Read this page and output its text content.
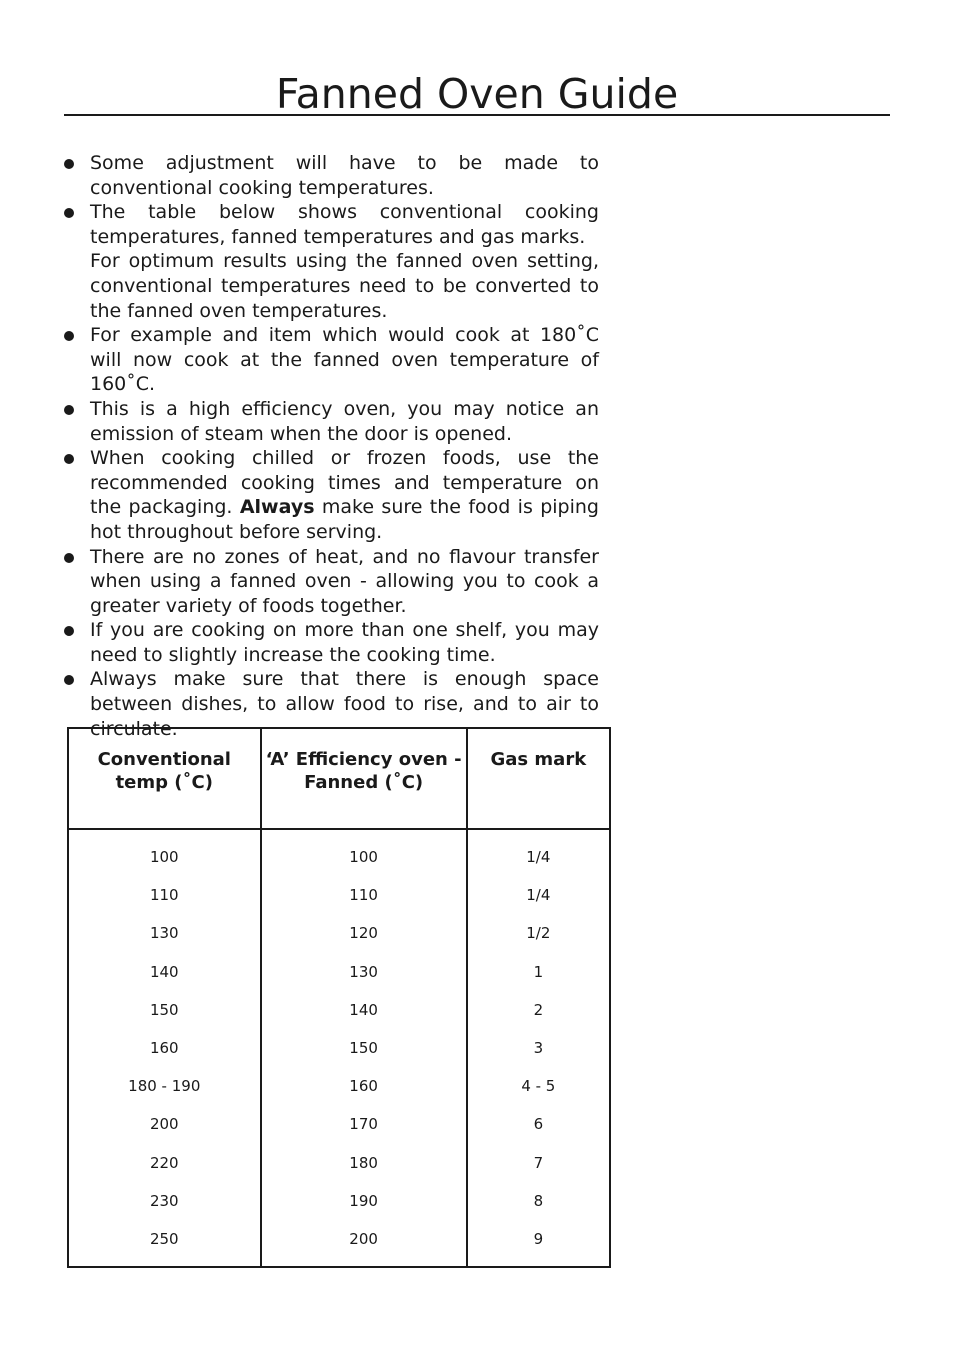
Fanned Oven Guide

Some adjustment will have to be made to conventional cooking temperatures.

The table below shows conventional cooking temperatures, fanned temperatures and gas marks.

For optimum results using the fanned oven setting, conventional temperatures need to be converted to the fanned oven temperatures.

For example and item which would cook at 180˚C will now cook at the fanned oven temperature of 160˚C.

This is a high efficiency oven, you may notice an emission of steam when the door is opened.

When cooking chilled or frozen foods, use the recommended cooking times and temperature on the packaging. Always make sure the food is piping hot throughout before serving.

There are no zones of heat, and no flavour transfer when using a fanned oven - allowing you to cook a greater variety of foods together.

If you are cooking on more than one shelf, you may need to slightly increase the cooking time.

Always make sure that there is enough space between dishes, to allow food to rise, and to air to circulate.

Conventional temp (˚C)	‘A’ Efficiency oven - Fanned (˚C)	Gas mark
100	100	1/4
110	110	1/4
130	120	1/2
140	130	1
150	140	2
160	150	3
180 - 190	160	4 - 5
200	170	6
220	180	7
230	190	8
250	200	9
